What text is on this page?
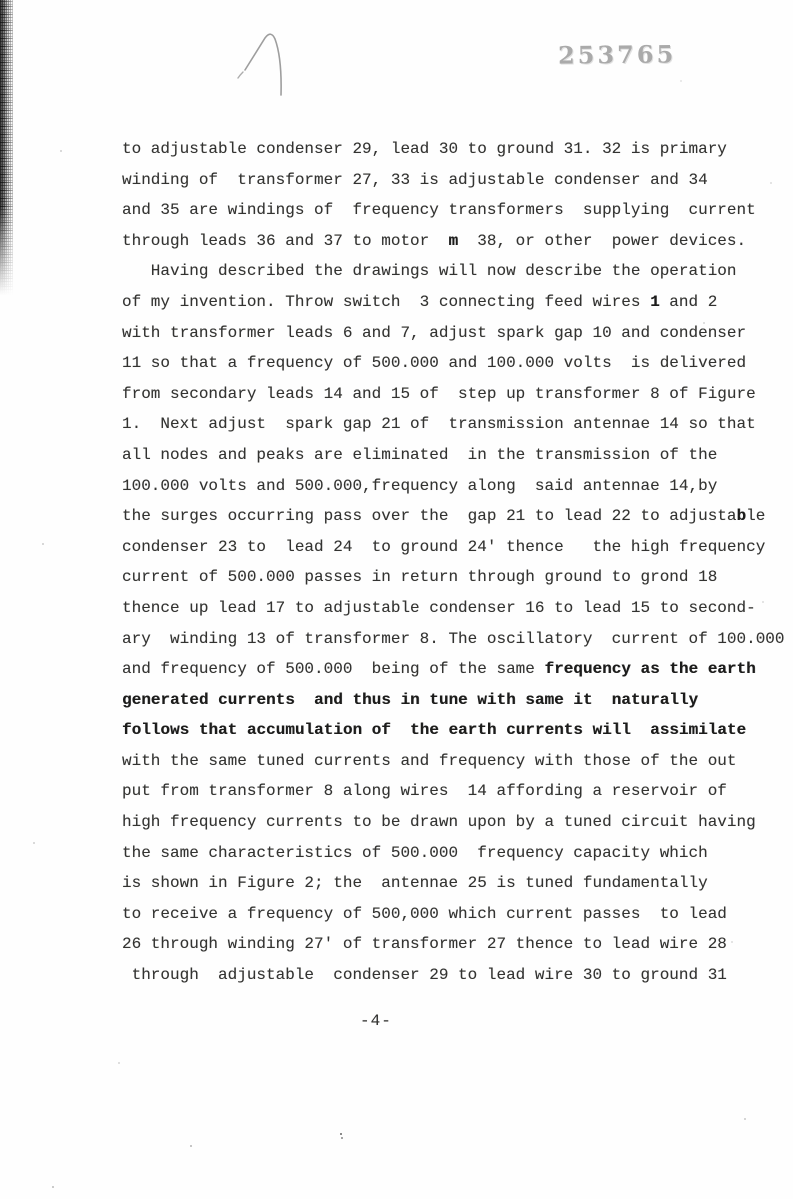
253765
to adjustable condenser 29, lead 30 to ground 31. 32 is primary
winding of  transformer 27, 33 is adjustable condenser and 34
and 35 are windings of  frequency transformers  supplying  current
through leads 36 and 37 to motor  m  38, or other  power devices.
Having described the drawings will now describe the operation
of my invention. Throw switch  3 connecting feed wires 1 and 2
with transformer leads 6 and 7, adjust spark gap 10 and condenser
11 so that a frequency of 500.000 and 100.000 volts  is delivered
from secondary leads 14 and 15 of  step up transformer 8 of Figure
1.  Next adjust  spark gap 21 of  transmission antennae 14 so that
all nodes and peaks are eliminated  in the transmission of the
100.000 volts and 500.000,frequency along  said antennae 14,by
the surges occurring pass over the  gap 21 to lead 22 to adjustable
condenser 23 to  lead 24  to ground 24' thence   the high frequency
current of 500.000 passes in return through ground to grond 18
thence up lead 17 to adjustable condenser 16 to lead 15 to second-
ary  winding 13 of transformer 8. The oscillatory  current of 100.000
and frequency of 500.000  being of the same frequency as the earth
generated currents  and thus in tune with same it  naturally
follows that accumulation of  the earth currents will  assimilate
with the same tuned currents and frequency with those of the out
put from transformer 8 along wires  14 affording a reservoir of
high frequency currents to be drawn upon by a tuned circuit having
the same characteristics of 500.000  frequency capacity which
is shown in Figure 2; the  antennae 25 is tuned fundamentally
to receive a frequency of 500,000 which current passes  to lead
26 through winding 27' of transformer 27 thence to lead wire 28
through  adjustable  condenser 29 to lead wire 30 to ground 31
-4-
